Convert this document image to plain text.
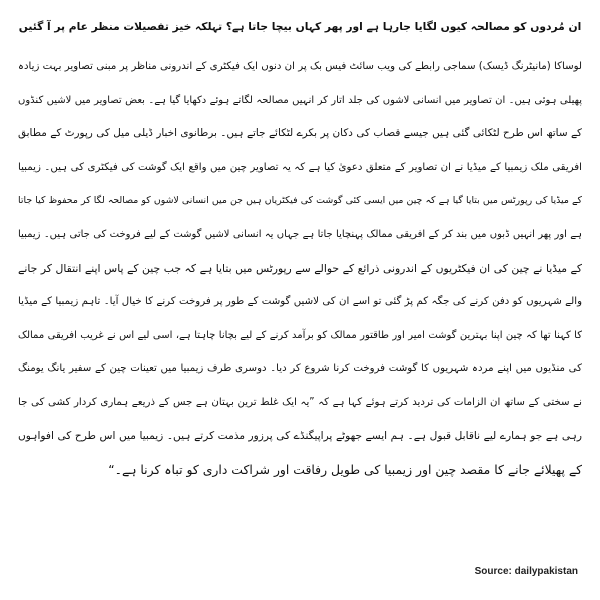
ان مُردوں کو مصالحہ کیوں لگایا جارہا ہے اور پھر کہاں بیچا جاتا ہے؟ تہلکہ خیز تفصیلات منظر عام پر آ گئیں
لوساکا (مانیٹرنگ ڈیسک) سماجی رابطے کی ویب سائٹ فیس بک پر ان دنوں ایک فیکٹری کے اندرونی مناظر پر مبنی تصاویر بہت زیادہ
پھیلی ہوئی ہیں۔ ان تصاویر میں انسانی لاشوں کی جلد اتار کر انہیں مصالحہ لگاتے ہوئے دکھایا گیا ہے۔ بعض تصاویر میں لاشیں کنڈوں
کے ساتھ اس طرح لٹکائی گئی ہیں جیسے قصاب کی دکان پر بکرے لٹکائے جاتے ہیں۔ برطانوی اخبار ڈیلی میل کی رپورٹ کے مطابق
افریقی ملک زیمبیا کے میڈیا نے ان تصاویر کے متعلق دعویٰ کیا ہے کہ یہ تصاویر چین میں واقع ایک گوشت کی فیکٹری کی ہیں۔ زیمبیا
کے میڈیا کی رپورٹس میں بتایا گیا ہے کہ چین میں ایسی کئی گوشت کی فیکٹریاں ہیں جن میں انسانی لاشوں کو مصالحہ لگا کر محفوظ کیا جاتا
ہے اور پھر انہیں ڈبوں میں بند کر کے افریقی ممالک پہنچایا جاتا ہے جہاں یہ انسانی لاشیں گوشت کے لیے فروخت کی جاتی ہیں۔ زیمبیا
کے میڈیا نے چین کی ان فیکٹریوں کے اندرونی ذرائع کے حوالے سے رپورٹس میں بتایا ہے کہ جب چین کے پاس اپنے انتقال کر جانے
والے شہریوں کو دفن کرنے کی جگہ کم پڑ گئی تو اسے ان کی لاشیں گوشت کے طور پر فروخت کرنے کا خیال آیا۔ تاہم زیمبیا کے میڈیا
کا کہنا تھا کہ چین اپنا بہترین گوشت امیر اور طاقتور ممالک کو برآمد کرنے کے لیے بچانا چاہتا ہے، اسی لیے اس نے غریب افریقی ممالک
کی منڈیوں میں اپنے مردہ شہریوں کا گوشت فروخت کرنا شروع کر دیا۔ دوسری طرف زیمبیا میں تعینات چین کے سفیر یانگ یومنگ
نے سختی کے ساتھ ان الزامات کی تردید کرتے ہوئے کہا ہے کہ ”یہ ایک غلط ترین بہتان ہے جس کے ذریعے ہماری کردار کشی کی جا
رہی ہے جو ہمارے لیے ناقابل قبول ہے۔ ہم ایسے جھوٹے پراپیگنڈے کی پرزور مذمت کرتے ہیں۔ زیمبیا میں اس طرح کی افواہوں
کے پھیلائے جانے کا مقصد چین اور زیمبیا کی طویل رفاقت اور شراکت داری کو تباہ کرنا ہے۔“
Source: dailypakistan
